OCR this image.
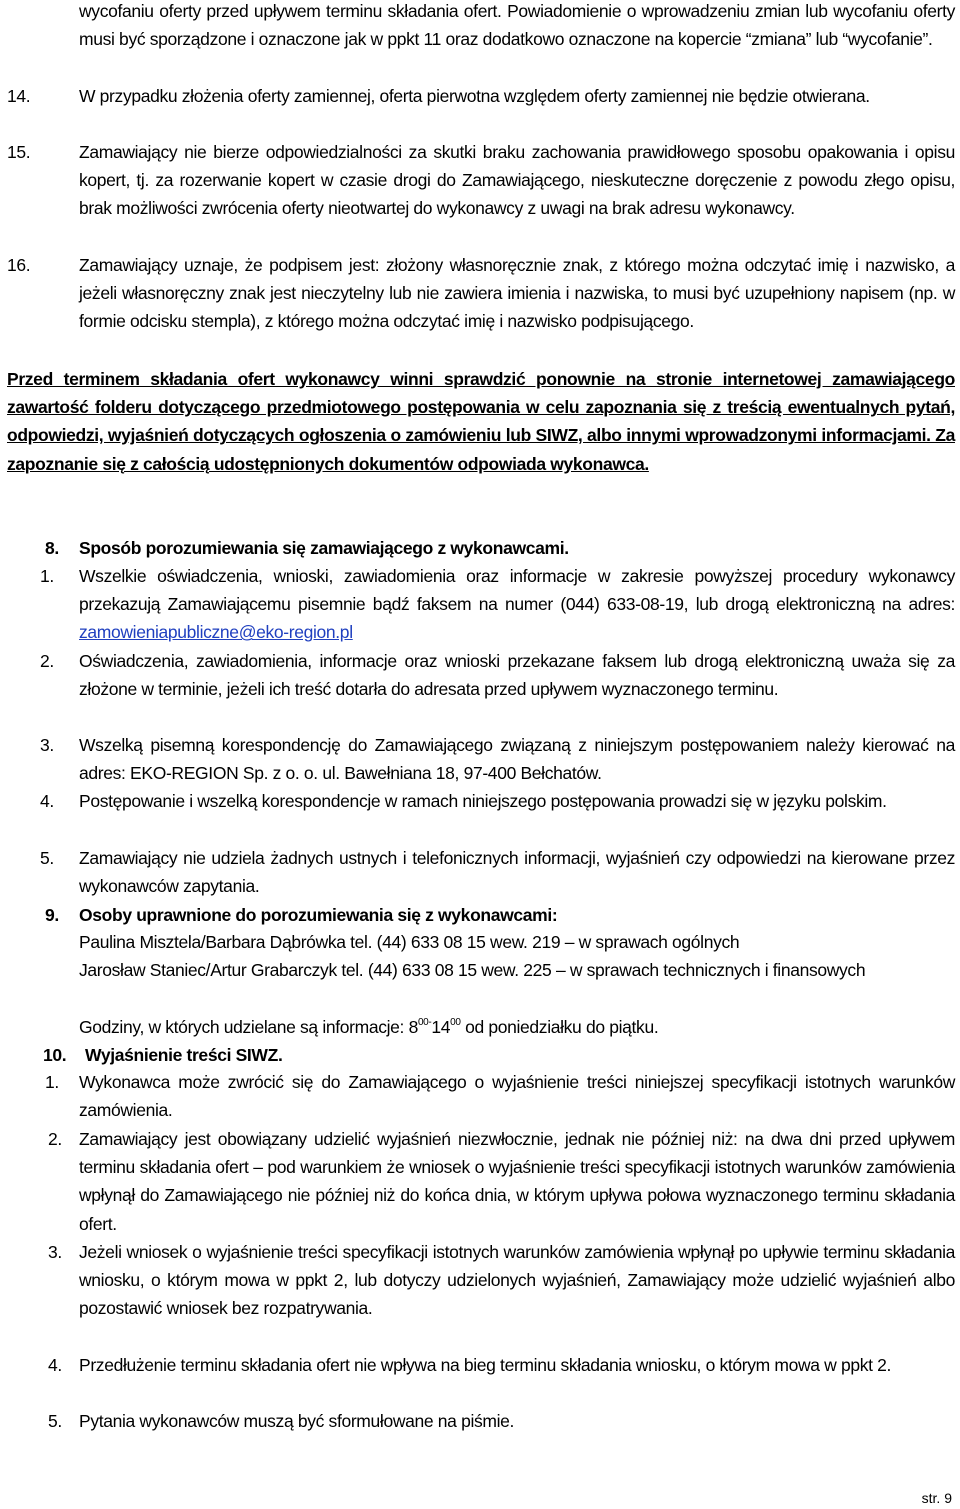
wycofaniu oferty przed upływem terminu składania ofert. Powiadomienie o wprowadzeniu zmian lub wycofaniu oferty musi być sporządzone i oznaczone jak w ppkt 11 oraz dodatkowo oznaczone na kopercie “zmiana” lub “wycofanie”.
14.	W przypadku złożenia oferty zamiennej, oferta pierwotna względem oferty zamiennej nie będzie otwierana.
15.	Zamawiający nie bierze odpowiedzialności za skutki braku zachowania prawidłowego sposobu opakowania i opisu kopert, tj. za rozerwanie kopert w czasie drogi do Zamawiającego, nieskuteczne doręczenie z powodu złego opisu, brak możliwości zwrócenia oferty nieotwartej do wykonawcy z uwagi na brak adresu wykonawcy.
16.	Zamawiający uznaje, że podpisem jest: złożony własnoręcznie znak, z którego można odczytać imię i nazwisko, a jeżeli własnoręczny znak jest nieczytelny lub nie zawiera imienia i nazwiska, to musi być uzupełniony napisem (np. w formie odcisku stempla), z którego można odczytać imię i nazwisko podpisującego.
Przed terminem składania ofert wykonawcy winni sprawdzić ponownie na stronie internetowej zamawiającego zawartość folderu dotyczącego przedmiotowego postępowania w celu zapoznania się z treścią ewentualnych pytań, odpowiedzi, wyjaśnień dotyczących ogłoszenia o zamówieniu lub SIWZ, albo innymi wprowadzonymi informacjami. Za zapoznanie się z całością udostępnionych dokumentów odpowiada wykonawca.
8. Sposób porozumiewania się zamawiającego z wykonawcami.
1. Wszelkie oświadczenia, wnioski, zawiadomienia oraz informacje w zakresie powyższej procedury wykonawcy przekazują Zamawiającemu pisemnie bądź faksem na numer (044) 633-08-19, lub drogą elektroniczną na adres: zamowieniapubliczne@eko-region.pl
2. Oświadczenia, zawiadomienia, informacje oraz wnioski przekazane faksem lub drogą elektroniczną uważa się za złożone w terminie, jeżeli ich treść dotarła do adresata przed upływem wyznaczonego terminu.
3. Wszelką pisemną korespondencję do Zamawiającego związaną z niniejszym postępowaniem należy kierować na adres: EKO-REGION Sp. z o. o. ul. Bawełniana 18, 97-400 Bełchatów.
4. Postępowanie i wszelką korespondencje w ramach niniejszego postępowania prowadzi się w języku polskim.
5. Zamawiający nie udziela żadnych ustnych i telefonicznych informacji, wyjaśnień czy odpowiedzi na kierowane przez wykonawców zapytania.
9. Osoby uprawnione do porozumiewania się z wykonawcami:
Paulina Misztela/Barbara Dąbrówka tel. (44) 633 08 15 wew. 219 – w sprawach ogólnych
Jarosław Staniec/Artur Grabarczyk tel. (44) 633 08 15 wew. 225 – w sprawach technicznych i finansowych
Godziny, w których udzielane są informacje: $8^{00-}14^{00}$ od poniedziałku do piątku.
10. Wyjaśnienie treści SIWZ.
1. Wykonawca może zwrócić się do Zamawiającego o wyjaśnienie treści niniejszej specyfikacji istotnych warunków zamówienia.
2. Zamawiający jest obowiązany udzielić wyjaśnień niezwłocznie, jednak nie później niż: na dwa dni przed upływem terminu składania ofert – pod warunkiem że wniosek o wyjaśnienie treści specyfikacji istotnych warunków zamówienia wpłynął do Zamawiającego nie później niż do końca dnia, w którym upływa połowa wyznaczonego terminu składania ofert.
3. Jeżeli wniosek o wyjaśnienie treści specyfikacji istotnych warunków zamówienia wpłynął po upływie terminu składania wniosku, o którym mowa w ppkt 2, lub dotyczy udzielonych wyjaśnień, Zamawiający może udzielić wyjaśnień albo pozostawić wniosek bez rozpatrywania.
4. Przedłużenie terminu składania ofert nie wpływa na bieg terminu składania wniosku, o którym mowa w ppkt 2.
5. Pytania wykonawców muszą być sformułowane na piśmie.
str. 9
